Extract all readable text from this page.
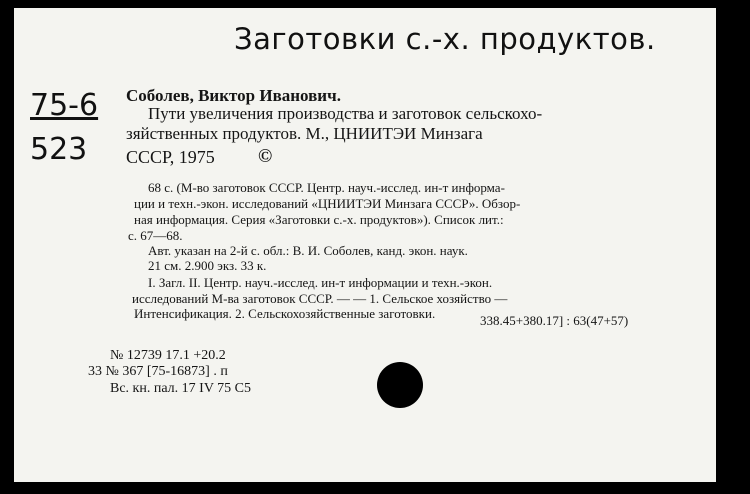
Заготовки с.-х. продуктов.
75-6
523
Соболев, Виктор Иванович.
Пути увеличения производства и заготовок сельскохо-
зяйственных продуктов. М., ЦНИИТЭИ Минзага
СССР, 1975 ©
68 с. (М-во заготовок СССР. Центр. науч.-исслед. ин-т информа-
ции и техн.-экон. исследований «ЦНИИТЭИ Минзага СССР». Обзор-
ная информация. Серия «Заготовки с.-х. продуктов»). Список лит.:
с. 67—68.
Авт. указан на 2-й с. обл.: В. И. Соболев, канд. экон. наук.
21 см. 2.900 экз. 33 к.
I. Загл. II. Центр. науч.-исслед. ин-т информации и техн.-экон.
исследований М-ва заготовок СССР. — — 1. Сельское хозяйство —
Интенсификация. 2. Сельскохозяйственные заготовки.	338.45+380.17] : 63(47+57)
№ 12739 17.1 +20.2
33 № 367 [75-16873] . п
Вс. кн. пал. 17 IV 75 С5
